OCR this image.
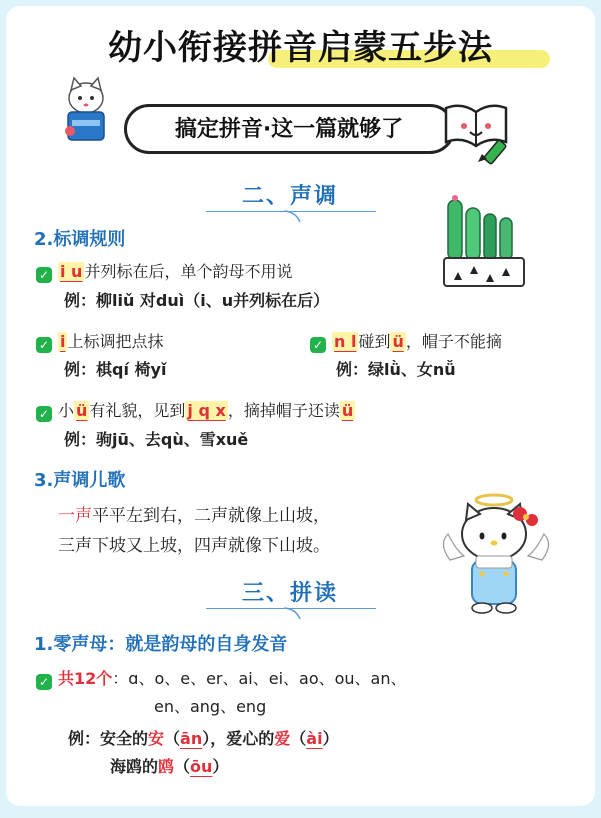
幼小衔接拼音启蒙五步法
搞定拼音·这一篇就够了
二、声调
2.标调规则
✓ i u 并列标在后，单个韵母不用说
例：柳liǔ 对duì（i、u并列标在后）
✓ i 上标调把点抹
例：棋qí 椅yǐ
✓ n l 碰到 ü ，帽子不能摘
例：绿lǜ、女nǚ
✓ 小 ü 有礼貌，见到 j q x ，摘掉帽子还读 ü
例：驹jū、去qù、雪xuě
3.声调儿歌
一声平平左到右，二声就像上山坡，
三声下坡又上坡，四声就像下山坡。
三、拼读
1.零声母：就是韵母的自身发音
✓ 共12个：ɑ、o、e、er、ai、ei、ao、ou、an、
en、ang、eng
例：安全的安（ān），爱心的爱（ài）
海鸥的鸥（ōu）
